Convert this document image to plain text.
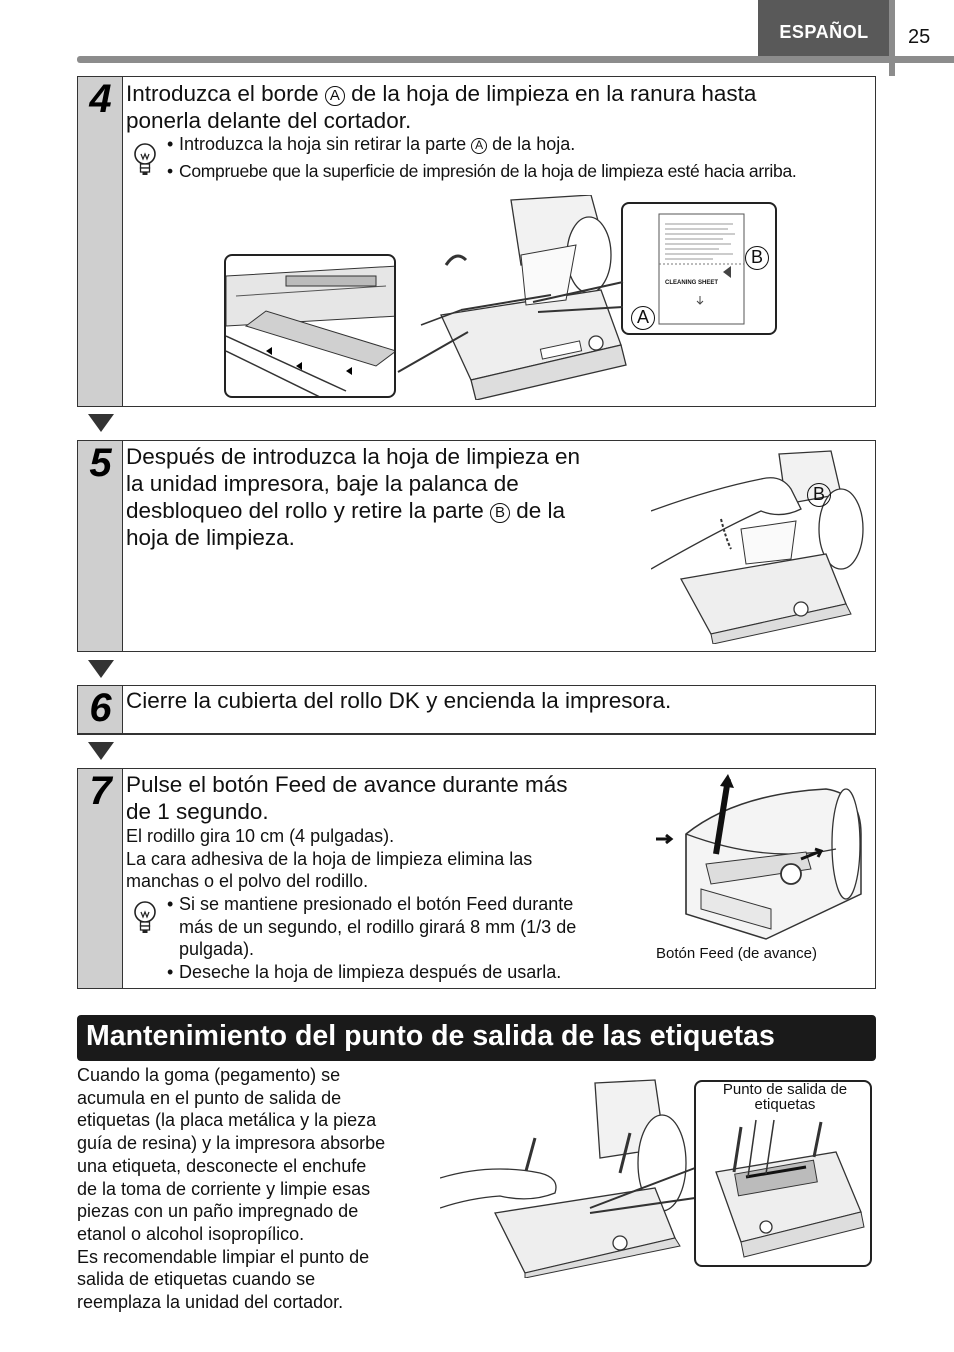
ESPAÑOL	25
4 Introduzca el borde A de la hoja de limpieza en la ranura hasta
ponerla delante del cortador.
• Introduzca la hoja sin retirar la parte A de la hoja.
• Compruebe que la superficie de impresión de la hoja de limpieza esté hacia arriba.
CLEANING SHEET
B
A
5 Después de introduzca la hoja de limpieza en
la unidad impresora, baje la palanca de
desbloqueo del rollo y retire la parte B de la
hoja de limpieza.
B
6 Cierre la cubierta del rollo DK y encienda la impresora.
7 Pulse el botón Feed de avance durante más
de 1 segundo.
El rodillo gira 10 cm (4 pulgadas).
La cara adhesiva de la hoja de limpieza elimina las
manchas o el polvo del rodillo.
• Si se mantiene presionado el botón Feed durante
más de un segundo, el rodillo girará 8 mm (1/3 de
pulgada).
• Deseche la hoja de limpieza después de usarla.
Botón Feed (de avance)
Mantenimiento del punto de salida de las etiquetas
Cuando la goma (pegamento) se
acumula en el punto de salida de
etiquetas (la placa metálica y la pieza
guía de resina) y la impresora absorbe
una etiqueta, desconecte el enchufe
de la toma de corriente y limpie esas
piezas con un paño impregnado de
etanol o alcohol isopropílico.
Es recomendable limpiar el punto de
salida de etiquetas cuando se
reemplaza la unidad del cortador.
Punto de salida de
etiquetas
